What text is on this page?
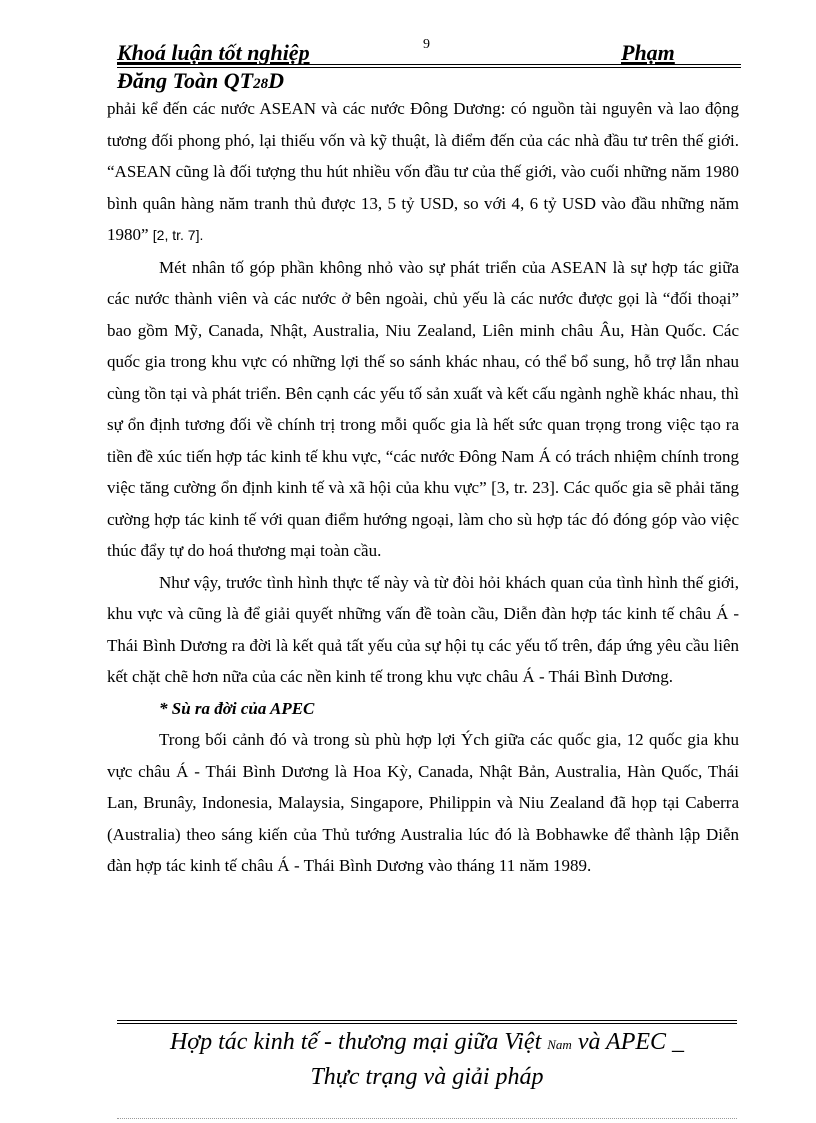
Khoá luận tốt nghiệp	9	Phạm
Đăng Toàn QT28D

phải kể đến các nước ASEAN và các nước Đông Dương: có nguồn tài nguyên và lao động tương đối phong phó, lại thiếu vốn và kỹ thuật, là điểm đến của các nhà đầu tư trên thế giới. “ASEAN cũng là đối tượng thu hút nhiều vốn đầu tư của thế giới, vào cuối những năm 1980 bình quân hàng năm tranh thủ được 13, 5 tỷ USD, so với 4, 6 tỷ USD vào đầu những năm 1980” [2, tr. 7].

Mét nhân tố góp phần không nhỏ vào sự phát triển của ASEAN là sự hợp tác giữa các nước thành viên và các nước ở bên ngoài, chủ yếu là các nước được gọi là “đối thoại” bao gồm Mỹ, Canada, Nhật, Australia, Niu Zealand, Liên minh châu Âu, Hàn Quốc. Các quốc gia trong khu vực có những lợi thế so sánh khác nhau, có thể bổ sung, hỗ trợ lẫn nhau cùng tồn tại và phát triển. Bên cạnh các yếu tố sản xuất và kết cấu ngành nghề khác nhau, thì sự ổn định tương đối về chính trị trong mỗi quốc gia là hết sức quan trọng trong việc tạo ra tiền đề xúc tiến hợp tác kinh tế khu vực, “các nước Đông Nam Á có trách nhiệm chính trong việc tăng cường ổn định kinh tế và xã hội của khu vực” [3, tr. 23]. Các quốc gia sẽ phải tăng cường hợp tác kinh tế với quan điểm hướng ngoại, làm cho sù hợp tác đó đóng góp vào việc thúc đẩy tự do hoá thương mại toàn cầu.

Như vậy, trước tình hình thực tế này và từ đòi hỏi khách quan của tình hình thế giới, khu vực và cũng là để giải quyết những vấn đề toàn cầu, Diễn đàn hợp tác kinh tế châu Á - Thái Bình Dương ra đời là kết quả tất yếu của sự hội tụ các yếu tố trên, đáp ứng yêu cầu liên kết chặt chẽ hơn nữa của các nền kinh tế trong khu vực châu Á - Thái Bình Dương.

* Sù ra đời của APEC

Trong bối cảnh đó và trong sù phù hợp lợi Ých giữa các quốc gia, 12 quốc gia khu vực châu Á - Thái Bình Dương là Hoa Kỳ, Canada, Nhật Bản, Australia, Hàn Quốc, Thái Lan, Brunây, Indonesia, Malaysia, Singapore, Philippin và Niu Zealand đã họp tại Caberra (Australia) theo sáng kiến của Thủ tướng Australia lúc đó là Bobhawke để thành lập Diễn đàn hợp tác kinh tế châu Á - Thái Bình Dương vào tháng 11 năm 1989.

Hợp tác kinh tế - thương mại giữa Việt Nam và APEC _
Thực trạng và giải pháp
